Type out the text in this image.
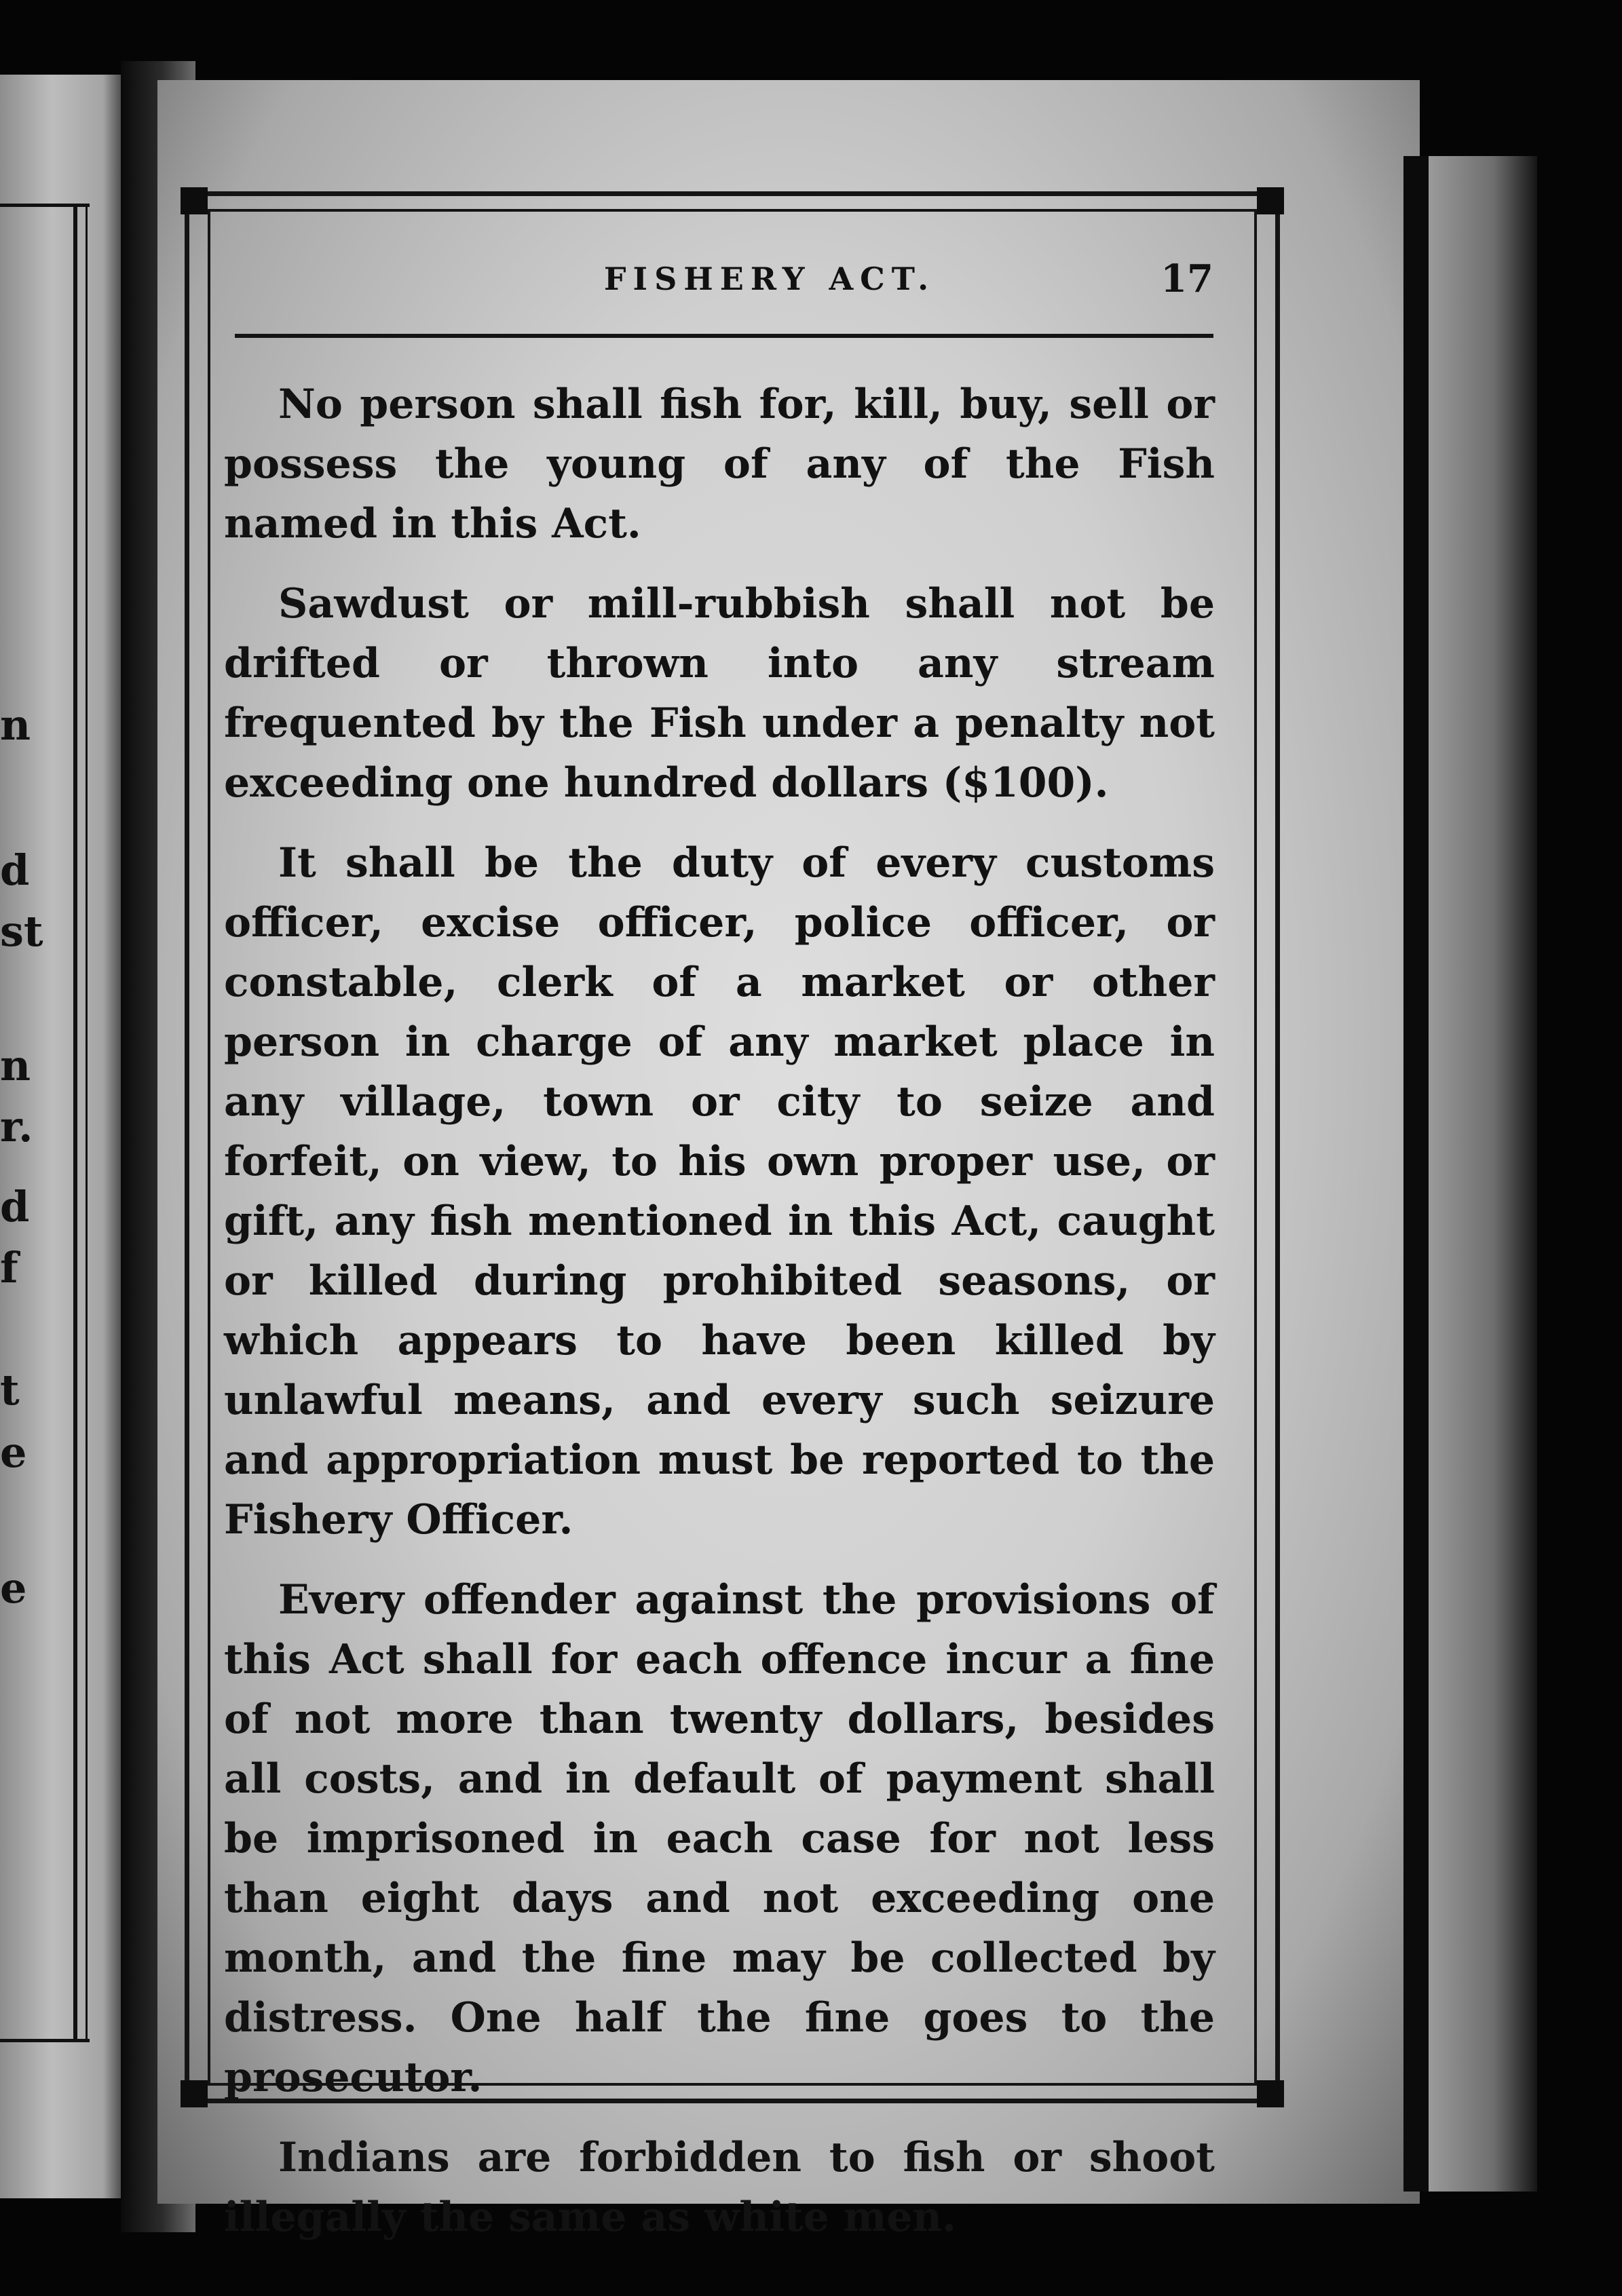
n
d
st
n
r.
d
f
t
e
e
FISHERY ACT.	17

No person shall fish for, kill, buy, sell or possess the young of any of the Fish named in this Act.

Sawdust or mill-rubbish shall not be drifted or thrown into any stream frequented by the Fish under a penalty not exceeding one hundred dollars ($100).

It shall be the duty of every customs officer, excise officer, police officer, or constable, clerk of a market or other person in charge of any market place in any village, town or city to seize and forfeit, on view, to his own proper use, or gift, any fish mentioned in this Act, caught or killed during prohibited seasons, or which appears to have been killed by unlawful means, and every such seizure and appropriation must be reported to the Fishery Officer.

Every offender against the provisions of this Act shall for each offence incur a fine of not more than twenty dollars, besides all costs, and in default of payment shall be imprisoned in each case for not less than eight days and not exceeding one month, and the fine may be collected by distress. One half the fine goes to the prosecutor.

Indians are forbidden to fish or shoot illegally the same as white men.
